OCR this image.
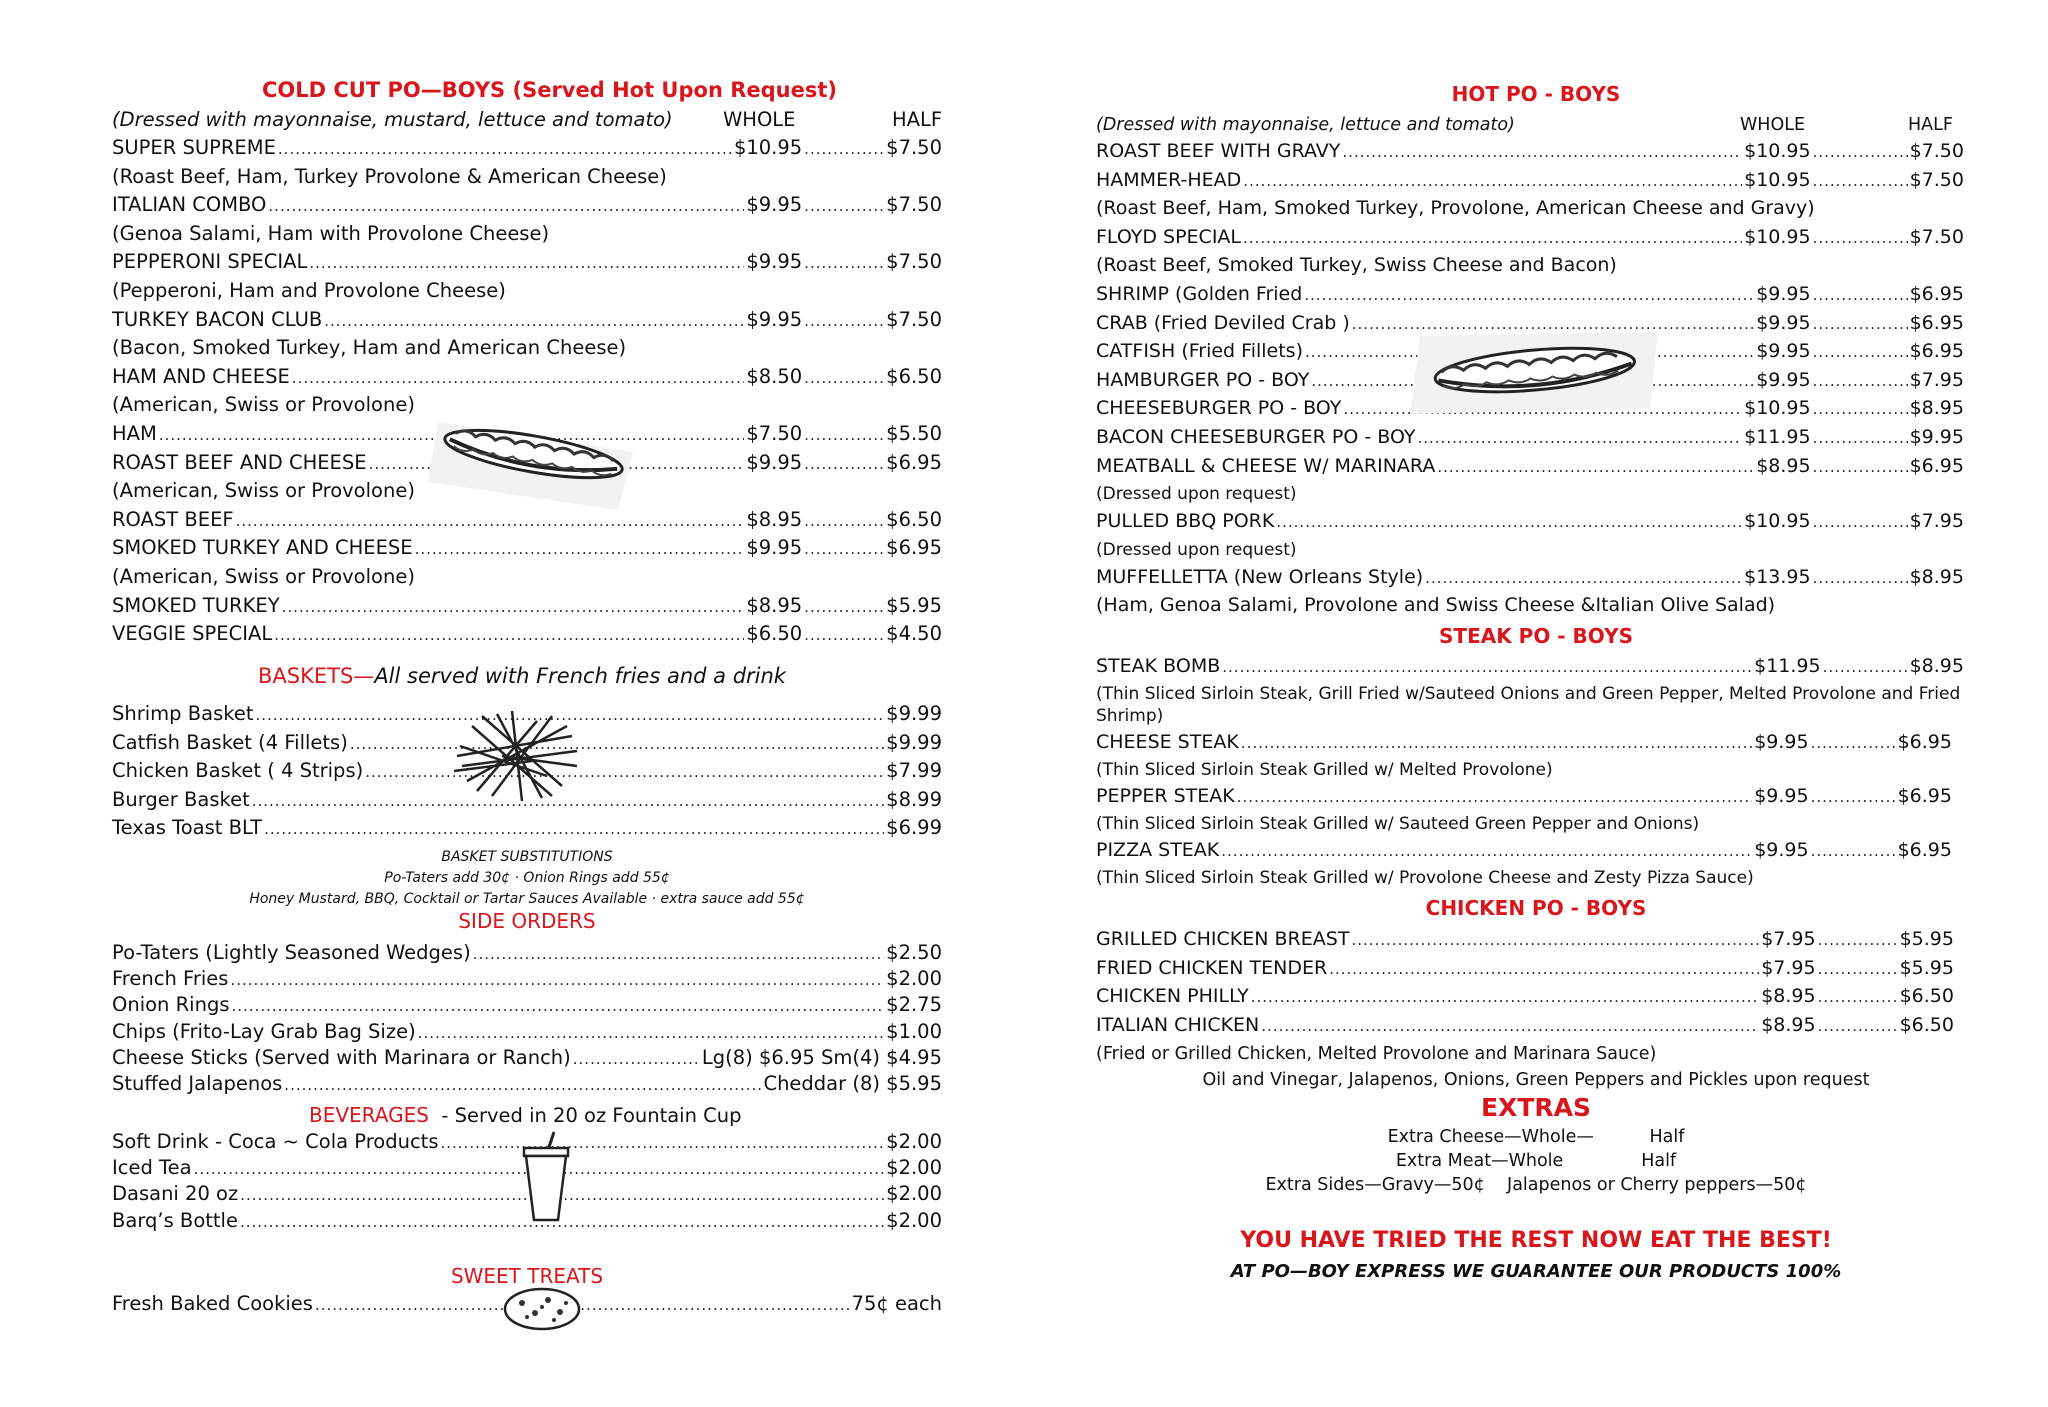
COLD CUT PO—BOYS (Served Hot Upon Request)
(Dressed with mayonnaise, mustard, lettuce and tomato)	WHOLE	HALF
SUPER SUPREME .....	$10.95 .....	$7.50
(Roast Beef, Ham, Turkey Provolone & American Cheese)
ITALIAN COMBO .....	$9.95 .....	$7.50
(Genoa Salami, Ham with Provolone Cheese)
PEPPERONI SPECIAL .....	$9.95 .....	$7.50
(Pepperoni, Ham and Provolone Cheese)
TURKEY BACON CLUB .....	$9.95 .....	$7.50
(Bacon, Smoked Turkey, Ham and American Cheese)
HAM AND CHEESE .....	$8.50 .....	$6.50
(American, Swiss or Provolone)
HAM .....	$7.50 .....	$5.50
ROAST BEEF AND CHEESE .....	$9.95 .....	$6.95
(American, Swiss or Provolone)
ROAST BEEF .....	$8.95 .....	$6.50
SMOKED TURKEY AND CHEESE .....	$9.95 .....	$6.95
(American, Swiss or Provolone)
SMOKED TURKEY .....	$8.95 .....	$5.95
VEGGIE SPECIAL .....	$6.50 .....	$4.50
BASKETS—All served with French fries and a drink
Shrimp Basket .....	$9.99
Catfish Basket (4 Fillets) .....	$9.99
Chicken Basket ( 4 Strips) .....	$7.99
Burger Basket .....	$8.99
Texas Toast BLT .....	$6.99
BASKET SUBSTITUTIONS
Po-Taters add 30¢ · Onion Rings add 55¢
Honey Mustard, BBQ, Cocktail or Tartar Sauces Available · extra sauce add 55¢
SIDE ORDERS
Po-Taters (Lightly Seasoned Wedges) .....	$2.50
French Fries .....	$2.00
Onion Rings .....	$2.75
Chips (Frito-Lay Grab Bag Size) .....	$1.00
Cheese Sticks (Served with Marinara or Ranch) .....	Lg(8) $6.95 Sm(4) $4.95
Stuffed Jalapenos .....	Cheddar (8) $5.95
BEVERAGES - Served in 20 oz Fountain Cup
Soft Drink - Coca ~ Cola Products .....	$2.00
Iced Tea .....	$2.00
Dasani 20 oz .....	$2.00
Barq’s Bottle .....	$2.00
SWEET TREATS
Fresh Baked Cookies .....	75¢ each
HOT PO - BOYS
(Dressed with mayonnaise, lettuce and tomato)	WHOLE	HALF
ROAST BEEF WITH GRAVY .....	$10.95 .....	$7.50
HAMMER-HEAD .....	$10.95 .....	$7.50
(Roast Beef, Ham, Smoked Turkey, Provolone, American Cheese and Gravy)
FLOYD SPECIAL .....	$10.95 .....	$7.50
(Roast Beef, Smoked Turkey, Swiss Cheese and Bacon)
SHRIMP (Golden Fried .....	$9.95 .....	$6.95
CRAB (Fried Deviled Crab ) .....	$9.95 .....	$6.95
CATFISH (Fried Fillets) .....	$9.95 .....	$6.95
HAMBURGER PO - BOY .....	$9.95 .....	$7.95
CHEESEBURGER PO - BOY .....	$10.95 .....	$8.95
BACON CHEESEBURGER PO - BOY .....	$11.95 .....	$9.95
MEATBALL & CHEESE W/ MARINARA .....	$8.95 .....	$6.95
(Dressed upon request)
PULLED BBQ PORK .....	$10.95 .....	$7.95
(Dressed upon request)
MUFFELLETTA (New Orleans Style) .....	$13.95 .....	$8.95
(Ham, Genoa Salami, Provolone and Swiss Cheese &Italian Olive Salad)
STEAK PO - BOYS
STEAK BOMB .....	$11.95 .....	$8.95
(Thin Sliced Sirloin Steak, Grill Fried w/Sauteed Onions and Green Pepper, Melted Provolone and Fried
Shrimp)
CHEESE STEAK .....	$9.95 .....	$6.95
(Thin Sliced Sirloin Steak Grilled w/ Melted Provolone)
PEPPER STEAK .....	$9.95 .....	$6.95
(Thin Sliced Sirloin Steak Grilled w/ Sauteed Green Pepper and Onions)
PIZZA STEAK .....	$9.95 .....	$6.95
(Thin Sliced Sirloin Steak Grilled w/ Provolone Cheese and Zesty Pizza Sauce)
CHICKEN PO - BOYS
GRILLED CHICKEN BREAST .....	$7.95 .....	$5.95
FRIED CHICKEN TENDER .....	$7.95 .....	$5.95
CHICKEN PHILLY .....	$8.95 .....	$6.50
ITALIAN CHICKEN .....	$8.95 .....	$6.50
(Fried or Grilled Chicken, Melted Provolone and Marinara Sauce)
Oil and Vinegar, Jalapenos, Onions, Green Peppers and Pickles upon request
EXTRAS
Extra Cheese—Whole—          Half
Extra Meat—Whole              Half
Extra Sides—Gravy—50¢    Jalapenos or Cherry peppers—50¢
YOU HAVE TRIED THE REST NOW EAT THE BEST!
AT PO—BOY EXPRESS WE GUARANTEE OUR PRODUCTS 100%
